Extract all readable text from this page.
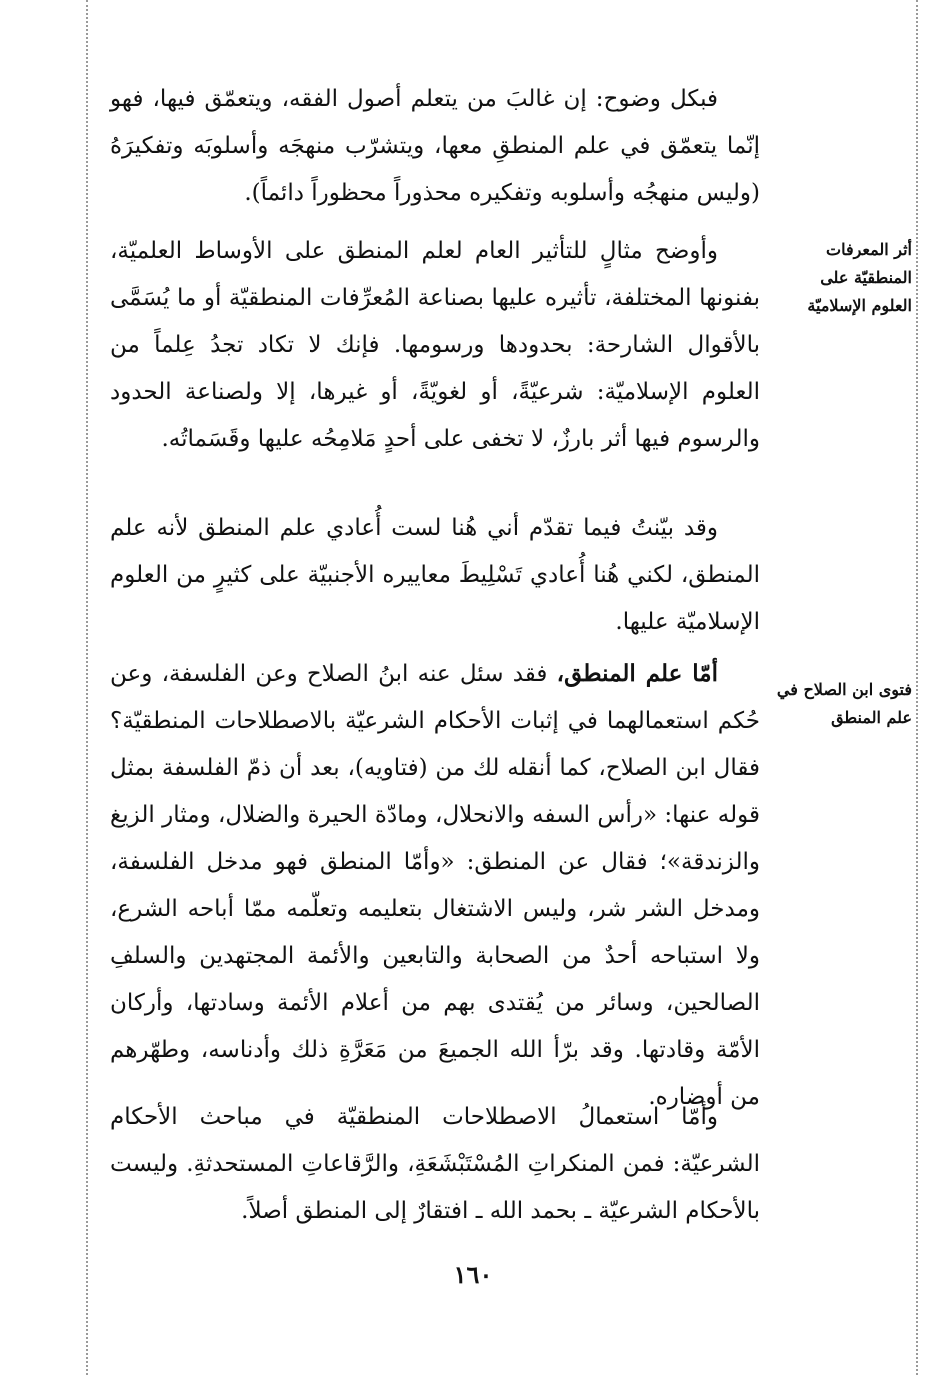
فبكل وضوح: إن غالبَ من يتعلم أصول الفقه، ويتعمّق فيها، فهو إنّما يتعمّق في علم المنطقِ معها، ويتشرّب منهجَه وأسلوبَه وتفكيرَهُ (وليس منهجُه وأسلوبه وتفكيره محذوراً محظوراً دائماً).

وأوضح مثالٍ للتأثير العام لعلم المنطق على الأوساط العلميّة، بفنونها المختلفة، تأثيره عليها بصناعة المُعرِّفات المنطقيّة أو ما يُسَمَّى بالأقوال الشارحة: بحدودها ورسومها. فإنك لا تكاد تجدُ عِلماً من العلوم الإسلاميّة: شرعيّةً، أو لغويّةً، أو غيرها، إلا ولصناعة الحدود والرسوم فيها أثر بارزٌ، لا تخفى على أحدٍ مَلامِحُه عليها وقَسَماتُه.

وقد بيّنتُ فيما تقدّم أني هُنا لست أُعادي علم المنطق لأنه علم المنطق، لكني هُنا أُعادي تَسْلِيطَ معاييره الأجنبيّة على كثيرٍ من العلوم الإسلاميّة عليها.

أمّا علم المنطق، فقد سئل عنه ابنُ الصلاح وعن الفلسفة، وعن حُكم استعمالهما في إثبات الأحكام الشرعيّة بالاصطلاحات المنطقيّة؟ فقال ابن الصلاح، كما أنقله لك من (فتاويه)، بعد أن ذمّ الفلسفة بمثل قوله عنها: «رأس السفه والانحلال، ومادّة الحيرة والضلال، ومثار الزيغ والزندقة»؛ فقال عن المنطق: «وأمّا المنطق فهو مدخل الفلسفة، ومدخل الشر شر، وليس الاشتغال بتعليمه وتعلّمه ممّا أباحه الشرع، ولا استباحه أحدٌ من الصحابة والتابعين والأئمة المجتهدين والسلفِ الصالحين، وسائر من يُقتدى بهم من أعلام الأئمة وسادتها، وأركان الأمّة وقادتها. وقد برّأ الله الجميعَ من مَعَرَّةِ ذلك وأدناسه، وطهّرهم من أوضاره.

وأمّا استعمالُ الاصطلاحات المنطقيّة في مباحث الأحكام الشرعيّة: فمن المنكراتِ المُسْتَبْشَعَةِ، والرَّقاعاتِ المستحدثةِ. وليست بالأحكام الشرعيّة ـ بحمد الله ـ افتقارٌ إلى المنطق أصلاً.

أثر المعرفات المنطقيّة على العلوم الإسلاميّة

فتوى ابن الصلاح في علم المنطق

١٦٠
